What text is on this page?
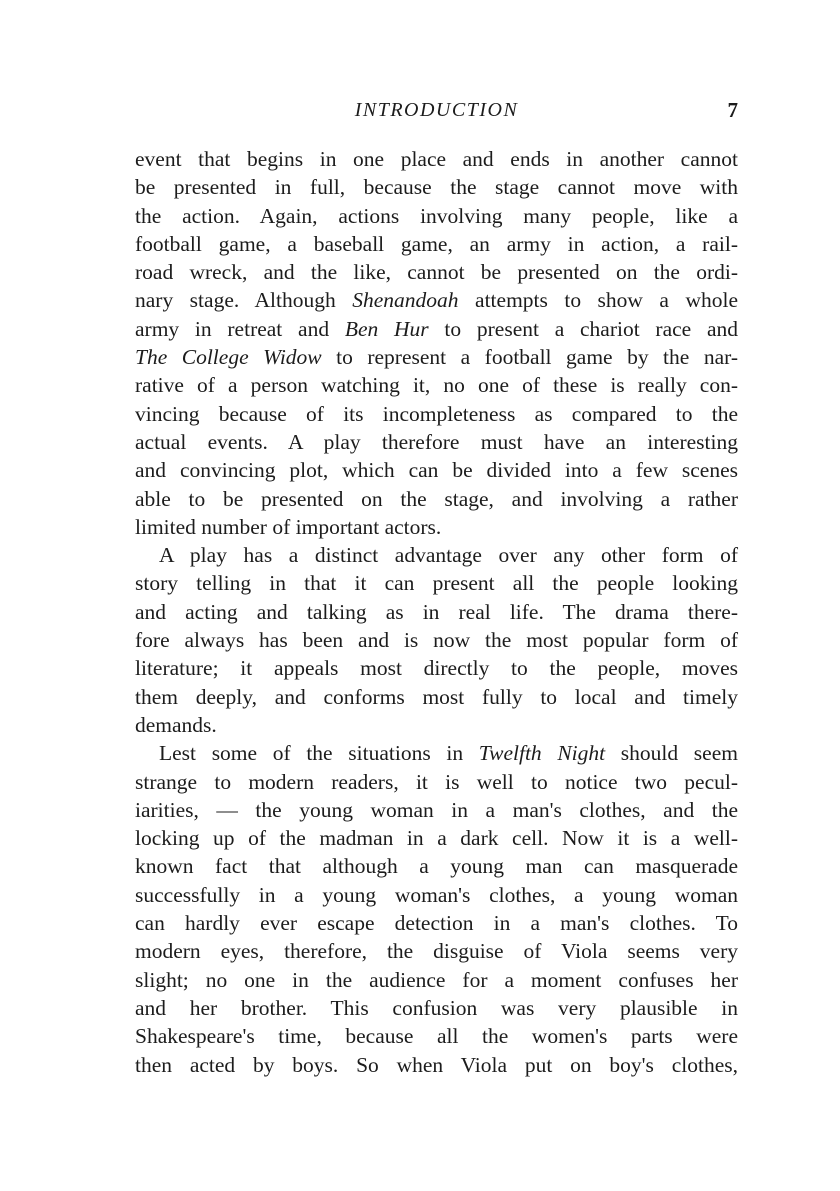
INTRODUCTION	7
event that begins in one place and ends in another cannot
be presented in full, because the stage cannot move with
the action. Again, actions involving many people, like a
football game, a baseball game, an army in action, a rail-
road wreck, and the like, cannot be presented on the ordi-
nary stage. Although Shenandoah attempts to show a whole
army in retreat and Ben Hur to present a chariot race and
The College Widow to represent a football game by the nar-
rative of a person watching it, no one of these is really con-
vincing because of its incompleteness as compared to the
actual events. A play therefore must have an interesting
and convincing plot, which can be divided into a few scenes
able to be presented on the stage, and involving a rather
limited number of important actors.
A play has a distinct advantage over any other form of
story telling in that it can present all the people looking
and acting and talking as in real life. The drama there-
fore always has been and is now the most popular form of
literature; it appeals most directly to the people, moves
them deeply, and conforms most fully to local and timely
demands.
Lest some of the situations in Twelfth Night should seem
strange to modern readers, it is well to notice two pecul-
iarities, — the young woman in a man's clothes, and the
locking up of the madman in a dark cell. Now it is a well-
known fact that although a young man can masquerade
successfully in a young woman's clothes, a young woman
can hardly ever escape detection in a man's clothes. To
modern eyes, therefore, the disguise of Viola seems very
slight; no one in the audience for a moment confuses her
and her brother. This confusion was very plausible in
Shakespeare's time, because all the women's parts were
then acted by boys. So when Viola put on boy's clothes,
